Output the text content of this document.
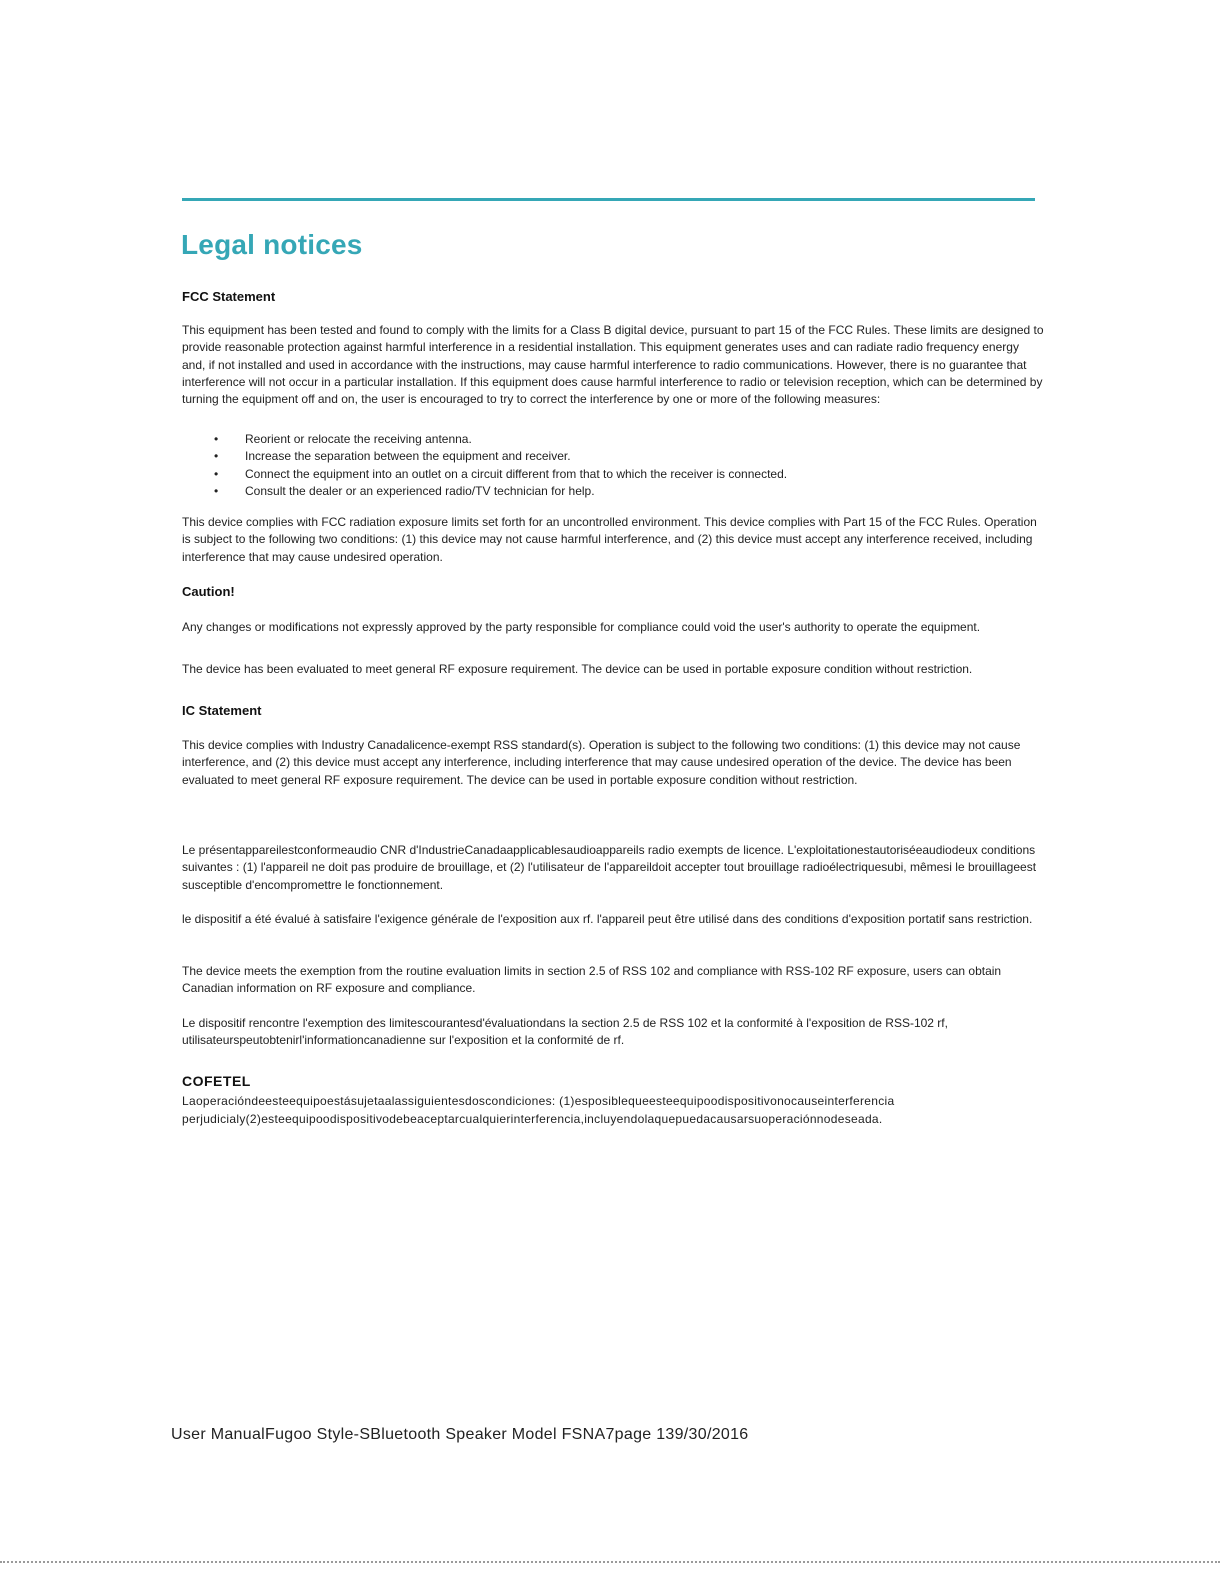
Legal notices
FCC Statement

This equipment has been tested and found to comply with the limits for a Class B digital device, pursuant to part 15 of the FCC Rules. These limits are designed to provide reasonable protection against harmful interference in a residential installation. This equipment generates uses and can radiate radio frequency energy and, if not installed and used in accordance with the instructions, may cause harmful interference to radio communications. However, there is no guarantee that interference will not occur in a particular installation. If this equipment does cause harmful interference to radio or television reception, which can be determined by turning the equipment off and on, the user is encouraged to try to correct the interference by one or more of the following measures:

• Reorient or relocate the receiving antenna.
• Increase the separation between the equipment and receiver.
• Connect the equipment into an outlet on a circuit different from that to which the receiver is connected.
• Consult the dealer or an experienced radio/TV technician for help.

This device complies with FCC radiation exposure limits set forth for an uncontrolled environment. This device complies with Part 15 of the FCC Rules. Operation is subject to the following two conditions: (1) this device may not cause harmful interference, and (2) this device must accept any interference received, including interference that may cause undesired operation.

Caution!

Any changes or modifications not expressly approved by the party responsible for compliance could void the user's authority to operate the equipment.

The device has been evaluated to meet general RF exposure requirement. The device can be used in portable exposure condition without restriction.

IC Statement

This device complies with Industry Canadalicence-exempt RSS standard(s). Operation is subject to the following two conditions: (1) this device may not cause interference, and (2) this device must accept any interference, including interference that may cause undesired operation of the device. The device has been evaluated to meet general RF exposure requirement. The device can be used in portable exposure condition without restriction.

Le présentappareilestconformeaudio CNR d'IndustrieCanadaapplicablesaudioappareils radio exempts de licence. L'exploitationestautoriséeaudiodeux conditions suivantes : (1) l'appareil ne doit pas produire de brouillage, et (2) l'utilisateur de l'appareildoit accepter tout brouillage radioélectriquesubi, mêmesi le brouillageest susceptible d'encompromettre le fonctionnement.

le dispositif a été évalué à satisfaire l'exigence générale de l'exposition aux rf. l'appareil peut être utilisé dans des conditions d'exposition portatif sans restriction.

The device meets the exemption from the routine evaluation limits in section 2.5 of RSS 102 and compliance with RSS-102 RF exposure, users can obtain Canadian information on RF exposure and compliance.

Le dispositif rencontre l'exemption des limitescourantesd'évaluationdans la section 2.5 de RSS 102 et la conformité à l'exposition de RSS-102 rf, utilisateurspeutobtenirl'informationcanadienne sur l'exposition et la conformité de rf.

COFETEL

Laoperacióndeesteequipoestásujetaalassiguientesdoscondiciones: (1)esposiblequeesteequipoodispositivonocauseinterferencia perjudicialy(2)esteequipoodispositivodebeaceptarcualquierinterferencia,incluyendolaquepuedacausarsuoperaciónnodeseada.

User ManualFugoo Style-SBluetooth Speaker Model FSNA7page 139/30/2016
